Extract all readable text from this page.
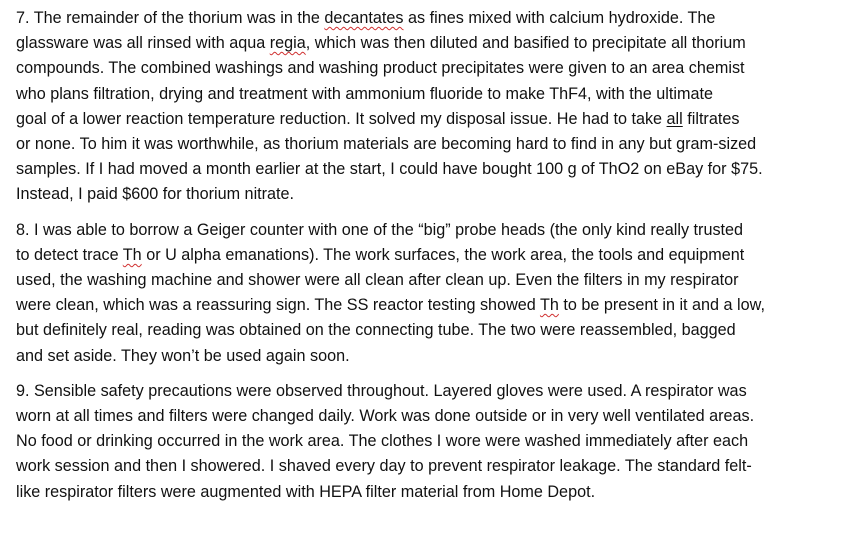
7. The remainder of the thorium was in the decantates as fines mixed with calcium hydroxide. The
glassware was all rinsed with aqua regia, which was then diluted and basified to precipitate all thorium
compounds. The combined washings and washing product precipitates were given to an area chemist
who plans filtration, drying and treatment with ammonium fluoride to make ThF4, with the ultimate
goal of a lower reaction temperature reduction. It solved my disposal issue. He had to take all filtrates
or none. To him it was worthwhile, as thorium materials are becoming hard to find in any but gram-sized
samples. If I had moved a month earlier at the start, I could have bought 100 g of ThO2 on eBay for $75.
Instead, I paid $600 for thorium nitrate.
8. I was able to borrow a Geiger counter with one of the “big” probe heads (the only kind really trusted
to detect trace Th or U alpha emanations). The work surfaces, the work area, the tools and equipment
used, the washing machine and shower were all clean after clean up. Even the filters in my respirator
were clean, which was a reassuring sign. The SS reactor testing showed Th to be present in it and a low,
but definitely real, reading was obtained on the connecting tube. The two were reassembled, bagged
and set aside. They won’t be used again soon.
9. Sensible safety precautions were observed throughout. Layered gloves were used. A respirator was
worn at all times and filters were changed daily. Work was done outside or in very well ventilated areas.
No food or drinking occurred in the work area. The clothes I wore were washed immediately after each
work session and then I showered. I shaved every day to prevent respirator leakage. The standard felt-
like respirator filters were augmented with HEPA filter material from Home Depot.
